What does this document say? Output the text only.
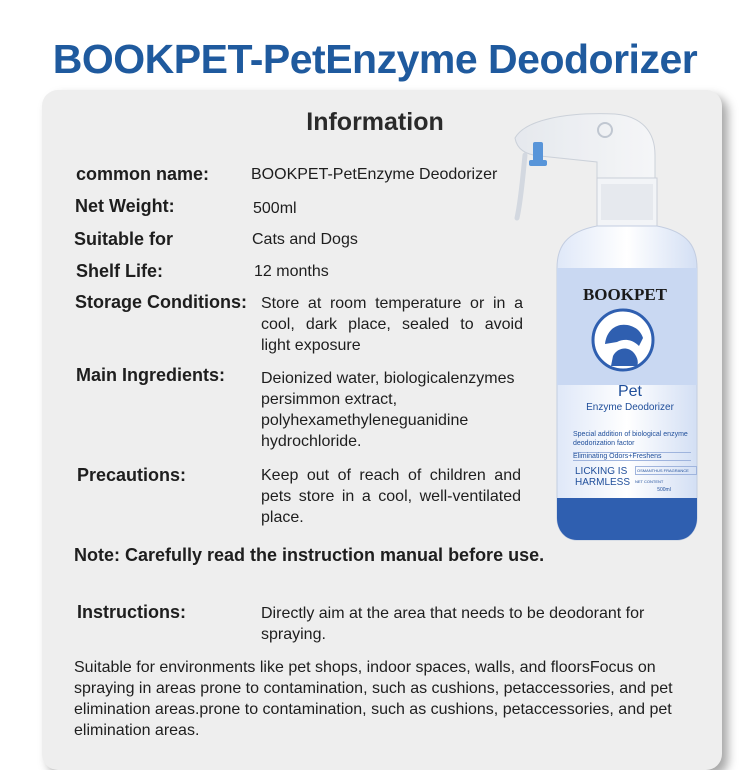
BOOKPET-PetEnzyme Deodorizer
Information
common name:	BOOKPET-PetEnzyme Deodorizer
Net Weight:	500ml
Suitable for	Cats and Dogs
Shelf Life:	12 months
Storage Conditions: Store at room temperature or in a cool, dark place, sealed to avoid light exposure
Main Ingredients: Deionized water, biologicalenzymes persimmon extract, polyhexamethyleneguanidine hydrochloride.
Precautions:	Keep out of reach of children and pets store in a cool, well-ventilated place.
Note: Carefully read the instruction manual before use.
Instructions:	Directly aim at the area that needs to be deodorant for spraying.
Suitable for environments like pet shops, indoor spaces, walls, and floorsFocus on spraying in areas prone to contamination, such as cushions, petaccessories, and pet elimination areas.prone to contamination, such as cushions, petaccessories, and pet elimination areas.
BOOKPET
Pet
Enzyme Deodorizer
Special addition of biological enzyme deodorization factor
Eliminating Odors+Freshens
LICKING IS
HARMLESS
OSMANTHUS FRAGRANCE
NET CONTENT
500ml
